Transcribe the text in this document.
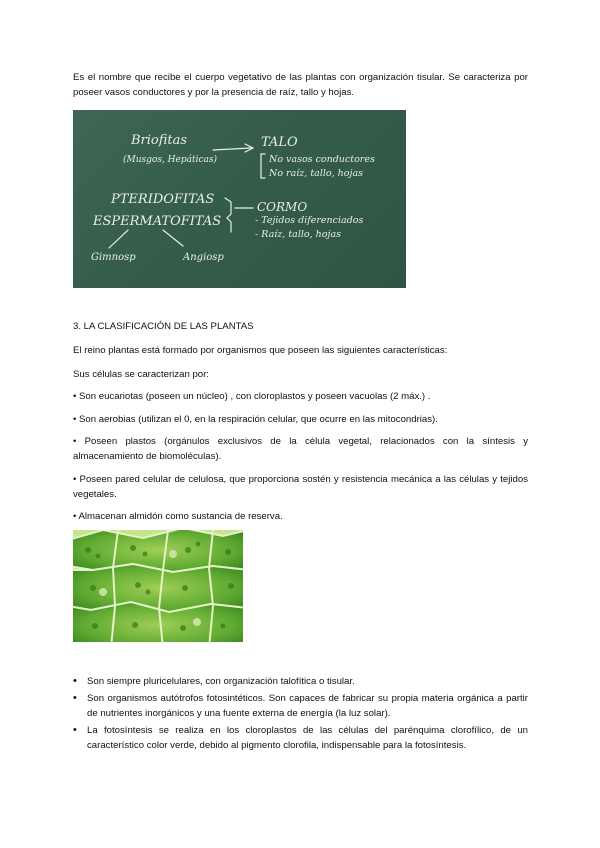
Es el nombre que recibe el cuerpo vegetativo de las plantas con organización tisular. Se caracteriza por poseer vasos conductores y por la presencia de raíz, tallo y hojas.

Briofitas
(Musgos, Hepáticas)
TALO
No vasos conductores
No raíz, tallo, hojas
PTERIDOFITAS
ESPERMATOFITAS
CORMO
- Tejidos diferenciados
- Raíz, tallo, hojas
Gimnosp	Angiosp
3. LA CLASIFICACIÓN DE LAS PLANTAS

El reino plantas está formado por organismos que poseen las siguientes características:

Sus células se caracterizan por:

• Son eucariotas (poseen un núcleo) , con cloroplastos y poseen vacuolas (2 máx.) .

• Son aerobias (utilizan el 0, en la respiración celular, que ocurre en las mitocondrias).

• Poseen plastos (orgánulos exclusivos de la célula vegetal, relacionados con la síntesis y almacenamiento de biomoléculas).

• Poseen pared celular de celulosa, que proporciona sostén y resistencia mecánica a las células y tejidos vegetales.

• Almacenan almidón como sustancia de reserva.

• Son siempre pluricelulares, con organización talofítica o tisular.
• Son organismos autótrofos fotosintéticos. Son capaces de fabricar su propia materia orgánica a partir de nutrientes inorgánicos y una fuente externa de energía (la luz solar).
• La fotosíntesis se realiza en los cloroplastos de las células del parénquima clorofílico, de un característico color verde, debido al pigmento clorofila, indispensable para la fotosíntesis.
